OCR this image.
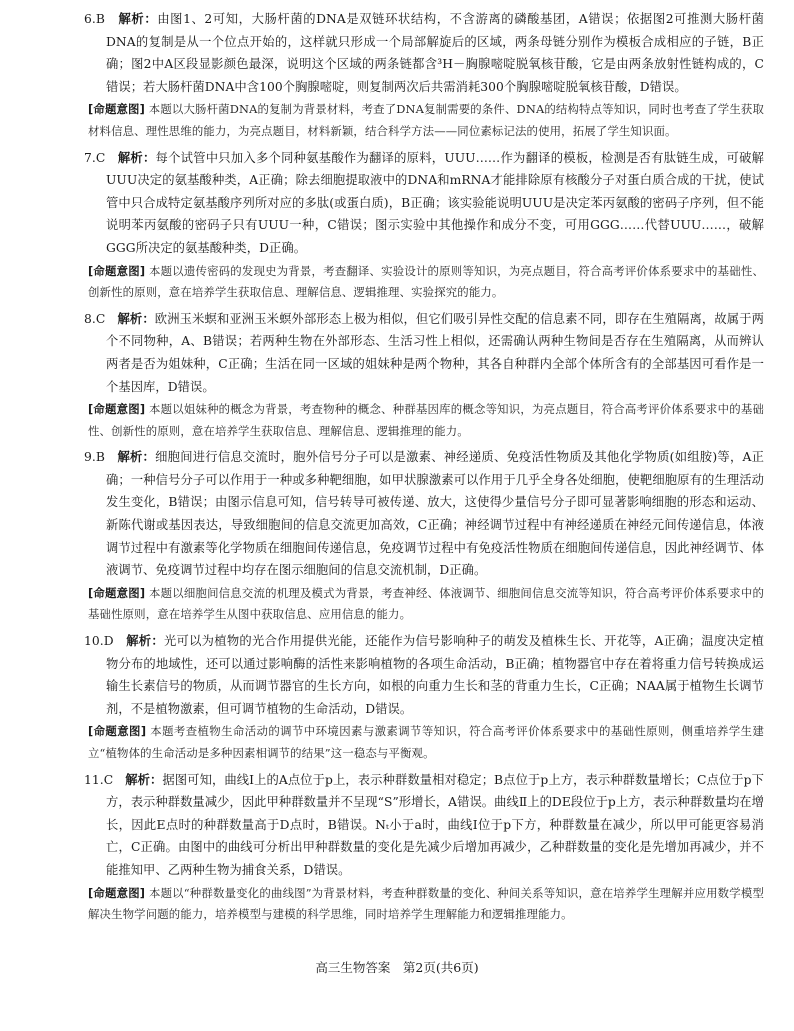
6.B 解析：由图1、2可知，大肠杆菌的DNA是双链环状结构，不含游离的磷酸基团，A错误；依据图2可推测大肠杆菌DNA的复制是从一个位点开始的，这样就只形成一个局部解旋后的区域，两条母链分别作为模板合成相应的子链，B正确；图2中A区段显影颜色最深，说明这个区域的两条链都含³H－胸腺嘧啶脱氧核苷酸，它是由两条放射性链构成的，C错误；若大肠杆菌DNA中含100个胸腺嘧啶，则复制两次后共需消耗300个胸腺嘧啶脱氧核苷酸，D错误。

[命题意图] 本题以大肠杆菌DNA的复制为背景材料，考查了DNA复制需要的条件、DNA的结构特点等知识，同时也考查了学生获取材料信息、理性思维的能力，为亮点题目，材料新颖，结合科学方法——同位素标记法的使用，拓展了学生知识面。

7.C 解析：每个试管中只加入多个同种氨基酸作为翻译的原料，UUU……作为翻译的模板，检测是否有肽链生成，可破解UUU决定的氨基酸种类，A正确；除去细胞提取液中的DNA和mRNA才能排除原有核酸分子对蛋白质合成的干扰，使试管中只合成特定氨基酸序列所对应的多肽(或蛋白质)，B正确；该实验能说明UUU是决定苯丙氨酸的密码子序列，但不能说明苯丙氨酸的密码子只有UUU一种，C错误；图示实验中其他操作和成分不变，可用GGG……代替UUU……，破解GGG所决定的氨基酸种类，D正确。

[命题意图] 本题以遗传密码的发现史为背景，考查翻译、实验设计的原则等知识，为亮点题目，符合高考评价体系要求中的基础性、创新性的原则，意在培养学生获取信息、理解信息、逻辑推理、实验探究的能力。

8.C 解析：欧洲玉米螟和亚洲玉米螟外部形态上极为相似，但它们吸引异性交配的信息素不同，即存在生殖隔离，故属于两个不同物种，A、B错误；若两种生物在外部形态、生活习性上相似，还需确认两种生物间是否存在生殖隔离，从而辨认两者是否为姐妹种，C正确；生活在同一区域的姐妹种是两个物种，其各自种群内全部个体所含有的全部基因可看作是一个基因库，D错误。

[命题意图] 本题以姐妹种的概念为背景，考查物种的概念、种群基因库的概念等知识，为亮点题目，符合高考评价体系要求中的基础性、创新性的原则，意在培养学生获取信息、理解信息、逻辑推理的能力。

9.B 解析：细胞间进行信息交流时，胞外信号分子可以是激素、神经递质、免疫活性物质及其他化学物质(如组胺)等，A正确；一种信号分子可以作用于一种或多种靶细胞，如甲状腺激素可以作用于几乎全身各处细胞，使靶细胞原有的生理活动发生变化，B错误；由图示信息可知，信号转导可被传递、放大，这使得少量信号分子即可显著影响细胞的形态和运动、新陈代谢或基因表达，导致细胞间的信息交流更加高效，C正确；神经调节过程中有神经递质在神经元间传递信息，体液调节过程中有激素等化学物质在细胞间传递信息，免疫调节过程中有免疫活性物质在细胞间传递信息，因此神经调节、体液调节、免疫调节过程中均存在图示细胞间的信息交流机制，D正确。

[命题意图] 本题以细胞间信息交流的机理及模式为背景，考查神经、体液调节、细胞间信息交流等知识，符合高考评价体系要求中的基础性原则，意在培养学生从图中获取信息、应用信息的能力。

10.D 解析：光可以为植物的光合作用提供光能，还能作为信号影响种子的萌发及植株生长、开花等，A正确；温度决定植物分布的地域性，还可以通过影响酶的活性来影响植物的各项生命活动，B正确；植物器官中存在着将重力信号转换成运输生长素信号的物质，从而调节器官的生长方向，如根的向重力生长和茎的背重力生长，C正确；NAA属于植物生长调节剂，不是植物激素，但可调节植物的生命活动，D错误。

[命题意图] 本题考查植物生命活动的调节中环境因素与激素调节等知识，符合高考评价体系要求中的基础性原则，侧重培养学生建立“植物体的生命活动是多种因素相调节的结果”这一稳态与平衡观。

11.C 解析：据图可知，曲线Ⅰ上的A点位于p上，表示种群数量相对稳定；B点位于p上方，表示种群数量增长；C点位于p下方，表示种群数量减少，因此甲种群数量并不呈现“S”形增长，A错误。曲线Ⅱ上的DE段位于p上方，表示种群数量均在增长，因此E点时的种群数量高于D点时，B错误。Nₜ小于a时，曲线Ⅰ位于p下方，种群数量在减少，所以甲可能更容易消亡，C正确。由图中的曲线可分析出甲种群数量的变化是先减少后增加再减少，乙种群数量的变化是先增加再减少，并不能推知甲、乙两种生物为捕食关系，D错误。

[命题意图] 本题以“种群数量变化的曲线图”为背景材料，考查种群数量的变化、种间关系等知识，意在培养学生理解并应用数学模型解决生物学问题的能力，培养模型与建模的科学思维，同时培养学生理解能力和逻辑推理能力。

高三生物答案　第2页(共6页)
